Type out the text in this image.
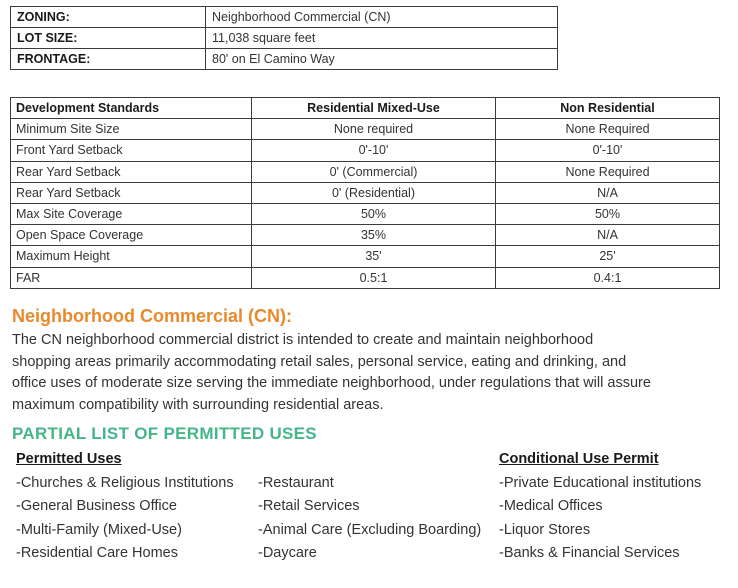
ZONING:	Neighborhood Commercial (CN)
LOT SIZE:	11,038 square feet
FRONTAGE:	80' on El Camino Way
Development Standards	Residential Mixed-Use	Non Residential
Minimum Site Size	None required	None Required
Front Yard Setback	0'-10'	0'-10'
Rear Yard Setback	0' (Commercial)	None Required
Rear Yard Setback	0' (Residential)	N/A
Max Site Coverage	50%	50%
Open Space Coverage	35%	N/A
Maximum Height	35'	25'
FAR	0.5:1	0.4:1
Neighborhood Commercial (CN):

The CN neighborhood commercial district is intended to create and maintain neighborhood shopping areas primarily accommodating retail sales, personal service, eating and drinking, and office uses of moderate size serving the immediate neighborhood, under regulations that will assure maximum compatibility with surrounding residential areas.

PARTIAL LIST OF PERMITTED USES
Permitted Uses
-Churches & Religious Institutions
-General Business Office
-Multi-Family (Mixed-Use)
-Residential Care Homes
-Restaurant
-Retail Services
-Animal Care (Excluding Boarding)
-Daycare
Conditional Use Permit
-Private Educational institutions
-Medical Offices
-Liquor Stores
-Banks & Financial Services
